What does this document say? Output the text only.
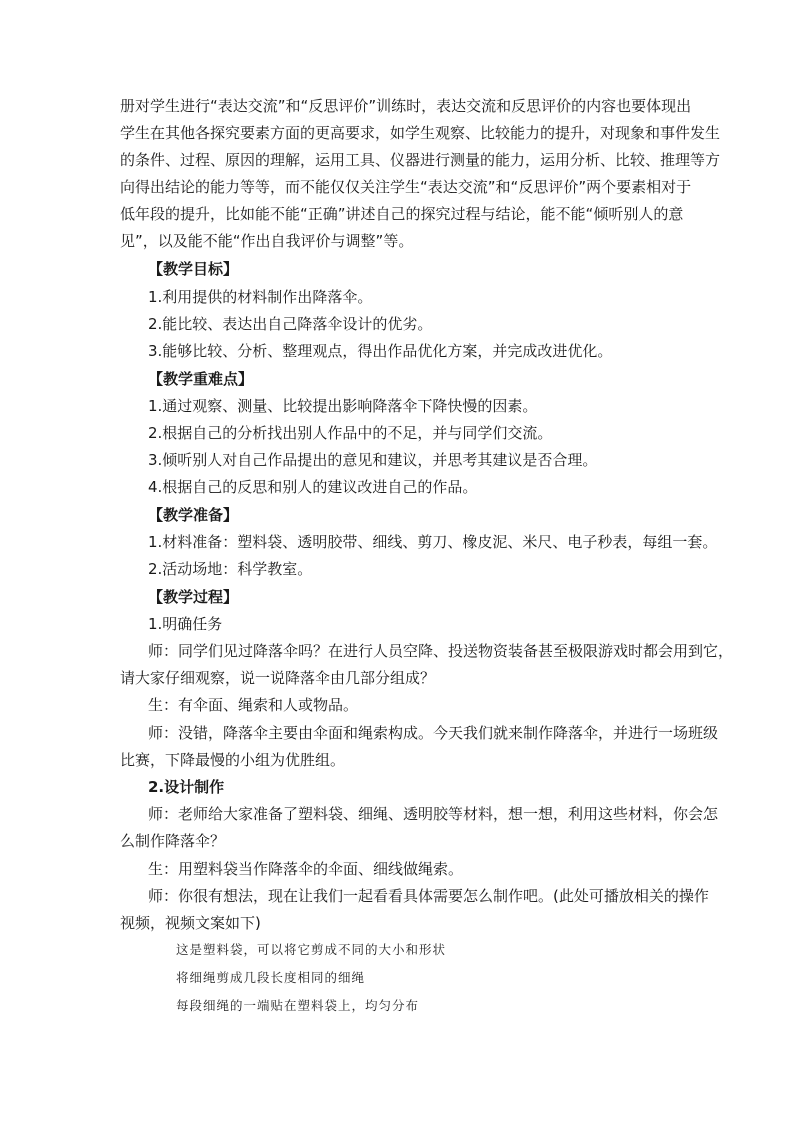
册对学生进行“表达交流”和“反思评价”训练时，表达交流和反思评价的内容也要体现出
学生在其他各探究要素方面的更高要求，如学生观察、比较能力的提升，对现象和事件发生
的条件、过程、原因的理解，运用工具、仪器进行测量的能力，运用分析、比较、推理等方
向得出结论的能力等等，而不能仅仅关注学生“表达交流”和“反思评价”两个要素相对于
低年段的提升，比如能不能“正确”讲述自己的探究过程与结论，能不能“倾听别人的意
见”，以及能不能“作出自我评价与调整”等。
【教学目标】
1.利用提供的材料制作出降落伞。
2.能比较、表达出自己降落伞设计的优劣。
3.能够比较、分析、整理观点，得出作品优化方案，并完成改进优化。
【教学重难点】
1.通过观察、测量、比较提出影响降落伞下降快慢的因素。
2.根据自己的分析找出别人作品中的不足，并与同学们交流。
3.倾听别人对自己作品提出的意见和建议，并思考其建议是否合理。
4.根据自己的反思和别人的建议改进自己的作品。
【教学准备】
1.材料准备：塑料袋、透明胶带、细线、剪刀、橡皮泥、米尺、电子秒表，每组一套。
2.活动场地：科学教室。
【教学过程】
1.明确任务
师：同学们见过降落伞吗？在进行人员空降、投送物资装备甚至极限游戏时都会用到它，
请大家仔细观察，说一说降落伞由几部分组成？
生：有伞面、绳索和人或物品。
师：没错，降落伞主要由伞面和绳索构成。今天我们就来制作降落伞，并进行一场班级
比赛，下降最慢的小组为优胜组。
2.设计制作
师：老师给大家准备了塑料袋、细绳、透明胶等材料，想一想，利用这些材料，你会怎
么制作降落伞？
生：用塑料袋当作降落伞的伞面、细线做绳索。
师：你很有想法，现在让我们一起看看具体需要怎么制作吧。(此处可播放相关的操作
视频，视频文案如下)
这是塑料袋，可以将它剪成不同的大小和形状
将细绳剪成几段长度相同的细绳
每段细绳的一端贴在塑料袋上，均匀分布
